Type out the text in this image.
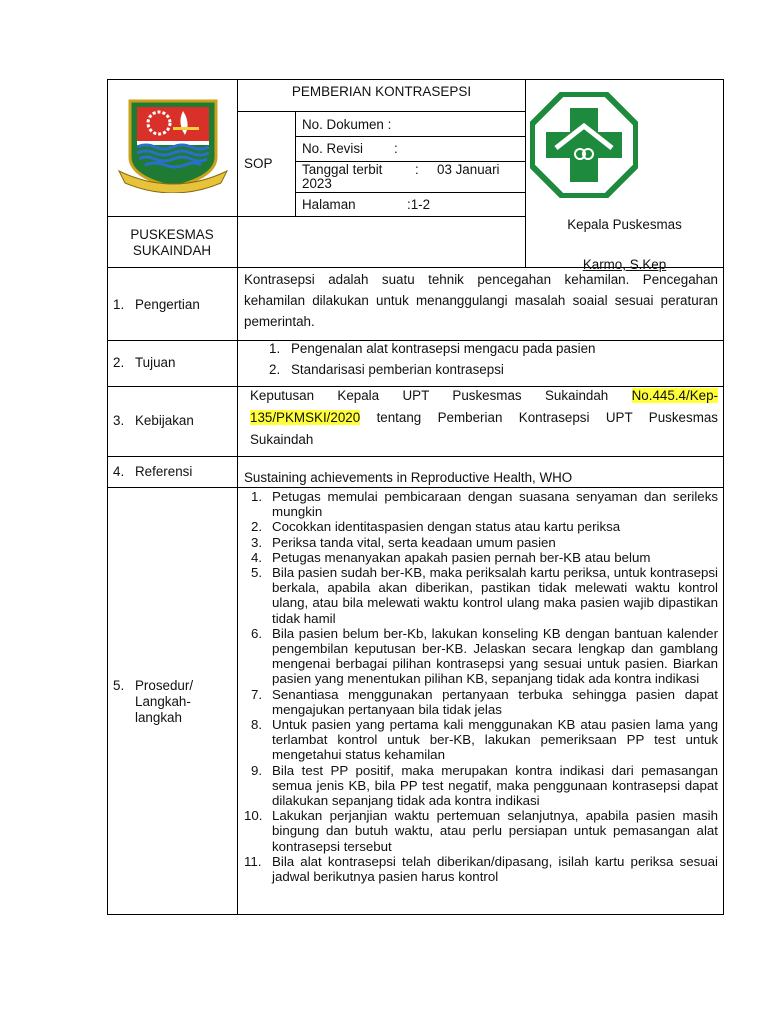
PEMBERIAN KONTRASEPSI
SOP
No. Dokumen :
No. Revisi :
Tanggal terbit : 03 Januari 2023
Halaman	:1-2
PUSKESMAS
SUKAINDAH
Kepala Puskesmas
Karmo, S.Kep
1. Pengertian
Kontrasepsi adalah suatu tehnik pencegahan kehamilan. Pencegahan kehamilan dilakukan untuk menanggulangi masalah soaial sesuai peraturan pemerintah.
2. Tujuan
1. Pengenalan alat kontrasepsi mengacu pada pasien
2. Standarisasi pemberian kontrasepsi
3. Kebijakan
Keputusan Kepala UPT Puskesmas Sukaindah No.445.4/Kep-135/PKMSKI/2020 tentang Pemberian Kontrasepsi UPT Puskesmas Sukaindah
4. Referensi	Sustaining achievements in Reproductive Health, WHO
5. Prosedur/
Langkah-
langkah
1. Petugas memulai pembicaraan dengan suasana senyaman dan serileks mungkin
2. Cocokkan identitaspasien dengan status atau kartu periksa
3. Periksa tanda vital, serta keadaan umum pasien
4. Petugas menanyakan apakah pasien pernah ber-KB atau belum
5. Bila pasien sudah ber-KB, maka periksalah kartu periksa, untuk kontrasepsi berkala, apabila akan diberikan, pastikan tidak melewati waktu kontrol ulang, atau bila melewati waktu kontrol ulang maka pasien wajib dipastikan tidak hamil
6. Bila pasien belum ber-Kb, lakukan konseling KB dengan bantuan kalender pengembilan keputusan ber-KB. Jelaskan secara lengkap dan gamblang mengenai berbagai pilihan kontrasepsi yang sesuai untuk pasien. Biarkan pasien yang menentukan pilihan KB, sepanjang tidak ada kontra indikasi
7. Senantiasa menggunakan pertanyaan terbuka sehingga pasien dapat mengajukan pertanyaan bila tidak jelas
8. Untuk pasien yang pertama kali menggunakan KB atau pasien lama yang terlambat kontrol untuk ber-KB, lakukan pemeriksaan PP test untuk mengetahui status kehamilan
9. Bila test PP positif, maka merupakan kontra indikasi dari pemasangan semua jenis KB, bila PP test negatif, maka penggunaan kontrasepsi dapat dilakukan sepanjang tidak ada kontra indikasi
10. Lakukan perjanjian waktu pertemuan selanjutnya, apabila pasien masih bingung dan butuh waktu, atau perlu persiapan untuk pemasangan alat kontrasepsi tersebut
11. Bila alat kontrasepsi telah diberikan/dipasang, isilah kartu periksa sesuai jadwal berikutnya pasien harus kontrol
